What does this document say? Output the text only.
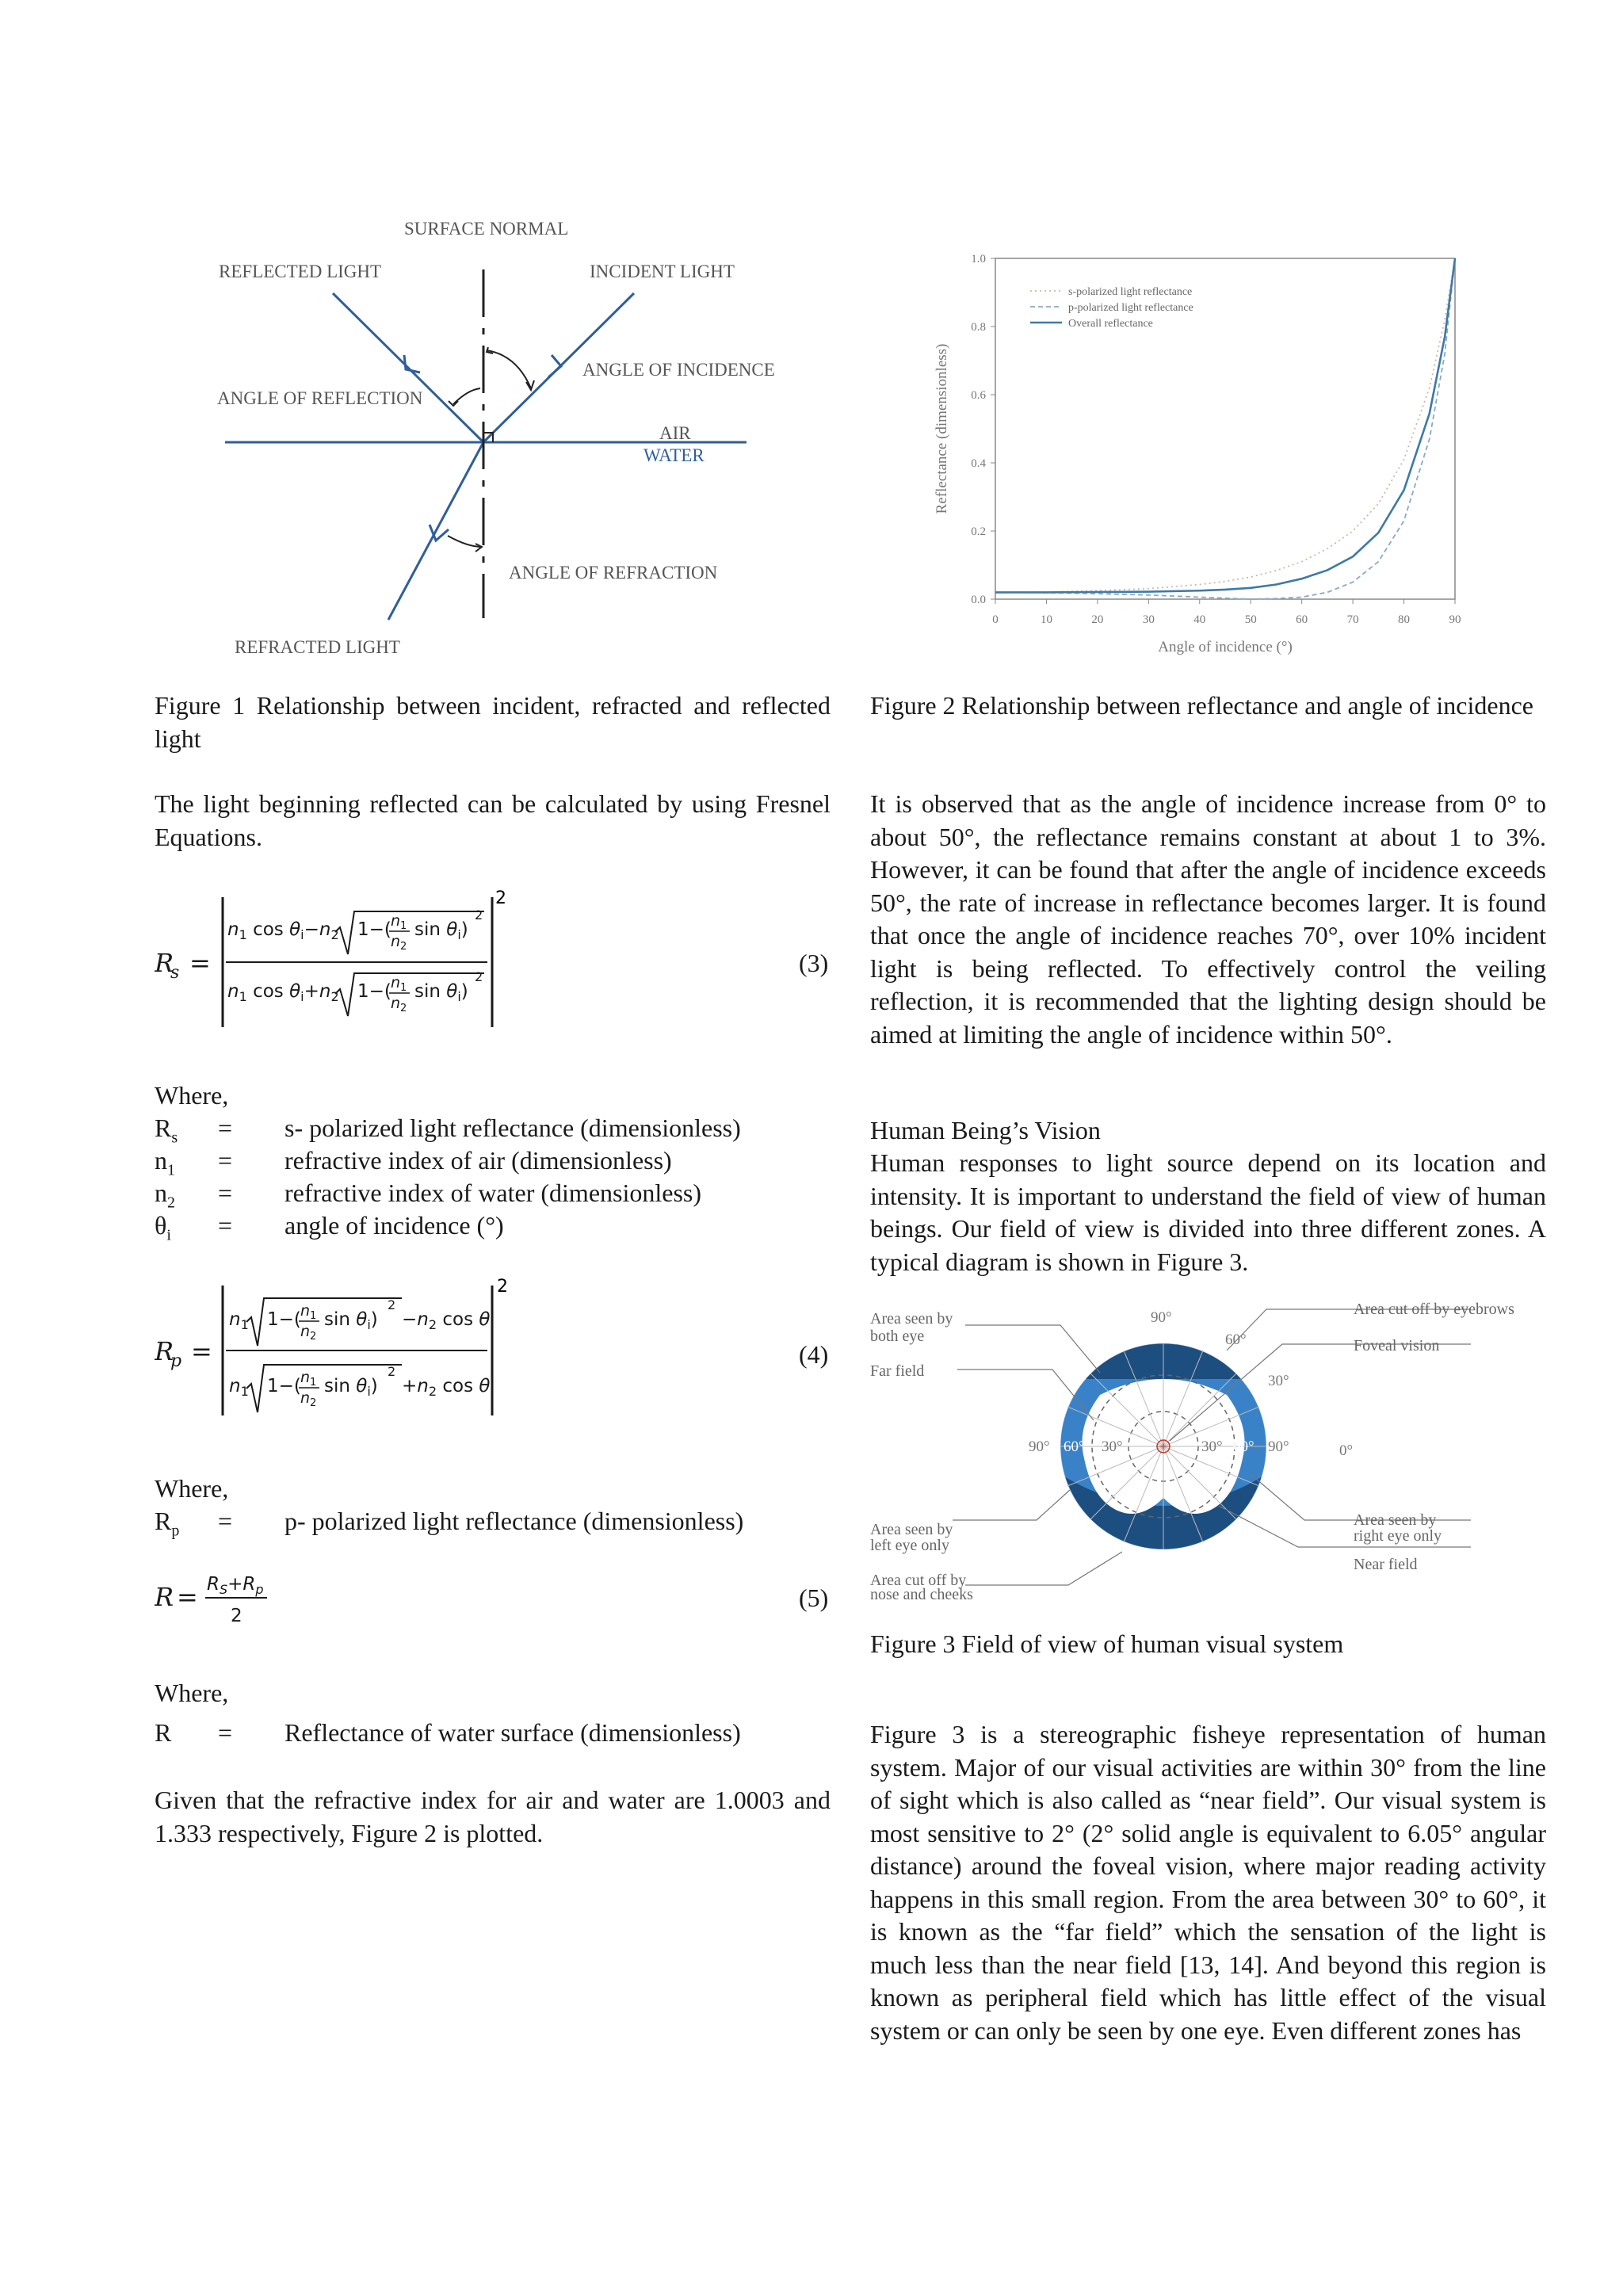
SURFACE NORMAL
REFLECTED LIGHT	INCIDENT LIGHT
ANGLE OF INCIDENCE
ANGLE OF REFLECTION
AIR
WATER
ANGLE OF REFRACTION
REFRACTED LIGHT
0	10	20	30	40	50	60	70	80	90
0.0
0.2
0.4
0.6
0.8
1.0
Angle of incidence (°)
Reflectance (dimensionless)
s-polarized light reflectance
p-polarized light reflectance
Overall reflectance

Figure 1 Relationship between incident, refracted and reflected light

Figure 2 Relationship between reflectance and angle of incidence

The light beginning reflected can be calculated by using Fresnel Equations.

R
s =
2
$n_1$ $\cos \theta_i-n_2$ 1−( n 1
n 2
$\sin \theta_i$)
2
$n_1$ $\cos \theta_i+n_2$ 1−( n 1
n 2
$\sin \theta_i$)
2	(3)
Where,
$R_s = s-$ polarized light reflectance (dimensionless)
$n_1$ = refractive index of air (dimensionless)
$n_2$ = refractive index of water (dimensionless)
$\theta_i$ = angle of incidence (°)
R
p =
2
$n_1$ 1−( n 1
n 2
$\sin \theta_i$)
2
$-n_2$ $\cos \theta_i$
$n_1$ 1−( n 1
n 2
$\sin \theta_i$)
2
$+n_2$ $\cos \theta_i$
(4)
Where,
$R_p = p-$ polarized light reflectance (dimensionless)
$R = R_S+R_p$
2
(5)
Where,
R = Reflectance of water surface (dimensionless)

Given that the refractive index for air and water are 1.0003 and 1.333 respectively, Figure 2 is plotted.

It is observed that as the angle of incidence increase from 0° to about 50°, the reflectance remains constant at about 1 to 3%. However, it can be found that after the angle of incidence exceeds 50°, the rate of increase in reflectance becomes larger. It is found that once the angle of incidence reaches 70°, over 10% incident light is being reflected. To effectively control the veiling reflection, it is recommended that the lighting design should be aimed at limiting the angle of incidence within 50°.

Human Being’s Vision

Human responses to light source depend on its location and intensity. It is important to understand the field of view of human beings. Our field of view is divided into three different zones. A typical diagram is shown in Figure 3.

Area seen by
both eye
Far field
Area seen by
left eye only
Area cut off by
nose and cheeks
Area cut off by eyebrows
Foveal vision
Area seen by
right eye only
Near field
90°
60°
30°
90° 60° 30°	30° 60° 90°	0°

Figure 3 Field of view of human visual system

Figure 3 is a stereographic fisheye representation of human system. Major of our visual activities are within 30° from the line of sight which is also called as “near field”. Our visual system is most sensitive to 2° (2° solid angle is equivalent to 6.05° angular distance) around the foveal vision, where major reading activity happens in this small region. From the area between 30° to 60°, it is known as the “far field” which the sensation of the light is much less than the near field [13, 14]. And beyond this region is known as peripheral field which has little effect of the visual system or can only be seen by one eye. Even different zones has
